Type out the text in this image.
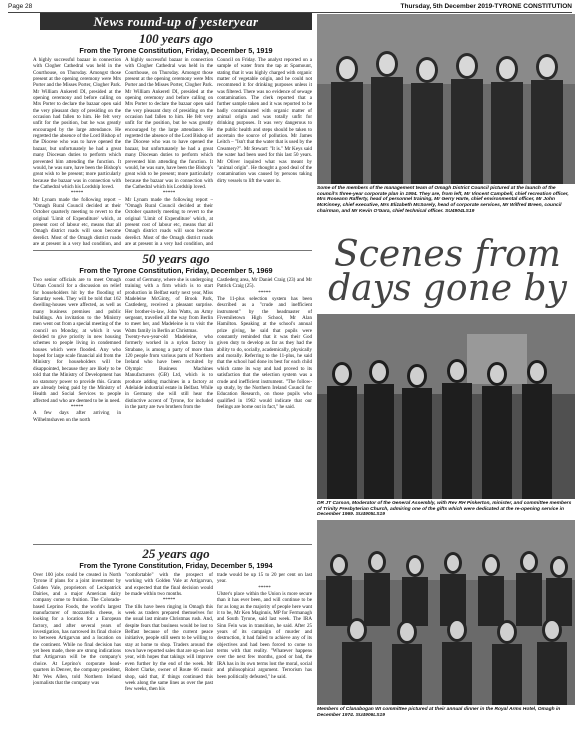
Page 28	Thursday, 5th December 2019-TYRONE CONSTITUTION
News round-up of yesteryear
100 years ago
From the Tyrone Constitution, Friday, December 5, 1919

A highly successful bazaar in connection with Clogher Cathedral was held in the Courthouse, on Thursday. Amongst those present at the opening ceremony were Mrs Porter and the Misses Porter, Clogher Park. Mr William Ankeretl DI, presided at the opening ceremony and before calling on Mrs Porter to declare the bazaar open said the very pleasant duty of presiding on the occasion had fallen to him. He felt very unfit for the position, but he was greatly encouraged by the large attendance. He regretted the absence of the Lord Bishop of the Diocese who was to have opened the bazaar, but unfortunately he had a great many Diocesan duties to perform which prevented him attending the function. It would, he was sure, have been the Bishop's great wish to be present; more particularly because the bazaar was in connection with the Cathedral which his Lordship loved.

*****

Mr Lynam made the following report – "Omagh Rural Council decided at their October quarterly meeting to revert to the original 'Limit of Expenditure' which, at present cost of labour etc, means that all Omagh district roads will soon become derelict. Most of the Omagh district roads are at present in a very bad condition, and

A highly successful bazaar in connection with Clogher Cathedral was held in the Courthouse, on Thursday. Amongst those present at the opening ceremony were Mrs Porter and the Misses Porter, Clogher Park. Mr William Ankeretl DI, presided at the opening ceremony and before calling on Mrs Porter to declare the bazaar open said the very pleasant duty of presiding on the occasion had fallen to him. He felt very unfit for the position, but he was greatly encouraged by the large attendance. He regretted the absence of the Lord Bishop of the Diocese who was to have opened the bazaar, but unfortunately he had a great many Diocesan duties to perform which prevented him attending the function. It would, he was sure, have been the Bishop's great wish to be present; more particularly because the bazaar was in connection with the Cathedral which his Lordship loved.

*****

Mr Lynam made the following report – "Omagh Rural Council decided at their October quarterly meeting to revert to the original 'Limit of Expenditure' which, at present cost of labour etc, means that all Omagh district roads will soon become derelict. Most of the Omagh district roads are at present in a very bad condition, and

Council on Friday. The analyst reported on a sample of water from the tap at Spamount, stating that it was highly charged with organic matter of vegetable origin, and he could not recommend it for drinking purposes unless it was filtered. There was no evidence of sewage contamination. The clerk reported that a further sample taken and it was reported to be badly contaminated with organic matter of animal origin and was totally unfit for drinking purposes. It was very dangerous to the public health and steps should be taken to ascertain the source of pollution. Mr James Leitch – "Isn't that the water that is used by the Creamery?". Mr Stewart: "It is." Mr Keys said the water had been used for this last 50 years. Mr Oliver inquired what was meant by "animal origin". He thought a good deal of the contamination was caused by persons taking dirty vessels to lift the water in.

50 years ago
From the Tyrone Constitution, Friday, December 5, 1969

Two senior officials are to meet Omagh Urban Council for a discussion on relief for householders hit by the flooding of Saturday week. They will be told that 162 dwelling-houses were affected, as well as many business premises and public buildings. An invitation to the Ministry men went out from a special meeting of the council on Monday, at which it was decided to give priority in new housing schemes to people living in condemned houses which were flooded. Any who hoped for large scale financial aid from the Ministry for householders will be disappointed, because they are likely to be told that the Ministry of Development has no statutory power to provide this. Grants are already being paid by the Ministry of Health and Social Services to people affected and who are deemed to be in need.

*****

A few days after arriving in Wilhelmshaven on the north

coast of Germany, where she is undergoing training with a firm which is to start production in Belfast early next year, Miss Madeleine McGinty, of Brook Park, Castlederg, received a pleasant surprise. Her brother-in-law, John Watts, an Army sergeant, travelled all the way from Berlin to meet her, and Madeleine is to visit the Watts family in Berlin at Christmas.

Twenty-two-year-old Madeleine, who formerly worked in a nylon factory in Strabane, is among a party of more than 120 people from various parts of Northern Ireland who have been recruited by Olympic Business Machines Manufacturers (GB) Ltd, which is to produce adding machines in a factory at Adelaide industrial estate in Belfast. While in Germany she will still hear the distinctive accent of Tyrone, for included in the party are two brothers from the

Castlederg area, Mr Daniel Craig (23) and Mr Patrick Craig (25).

*****

The 11-plus selection system has been described as a "crude and inefficient instrument" by the headmaster of Fivemiletown High School, Mr Alan Hamilton. Speaking at the school's annual prize giving, he said that pupils were constantly reminded that it was their God given duty to develop as far as they had the ability to do, socially, academically, physically and morally. Referring to the 11-plus, he said that the school had done its best for each child which came its way and had proved to its satisfaction that the selection system was a crude and inefficient instrument. "The follow-up study, by the Northern Ireland Council for Education Research, on those pupils who qualified in 1962 would indicate that our feelings are borne out in fact," he said.

25 years ago
From the Tyrone Constitution, Friday, December 5, 1994

Over 100 jobs could be created in North Tyrone if plans for a joint investment by Golden Vale, proprietors of Leckpatrick Dairies, and a major American dairy company come to fruition. The Colorado-based Leprino Foods, the world's largest manufacturer of mozzarella cheese, is looking for a location for a European factory, and after several years of investigation, has narrowed its final choice to between Artigarvan and a location on the continent. While no final decision has yet been made, there are strong indications that Artigarvan will be the company's choice. At Leprino's corporate head-quarters in Denver, the company president, Mr Wes Allen, told Northern Ireland journalists that the company was

"comfortable" with the prospect of working with Golden Vale at Artigarvan, and expected that the final decision would be made within two months.

*****

The tills have been ringing in Omagh this week as traders prepared themselves for the usual last minute Christmas rush. And, despite fears that business would be lost to Belfast because of the current peace initiative, people still seem to be willing to stay at home to shop. Traders around the town have reported sales that are up-on last year, with hopes that takings will improve even further by the end of the week. Mr Robert Clarke, owner of Route 66 music shop, said that, if things continued this week along the same lines as over the past few weeks, then his

trade would be up 15 to 20 per cent on last year.

*****

Ulster's place within the Union is more secure than it has ever been, and will continue to be for as long as the majority of people here want it to be, Mr Ken Maginnis, MP for Fermanagh and South Tyrone, said last week. The IRA Sinn Fein was in transition, he said. After 25 years of its campaign of murder and destruction, it had failed to achieve any of its objectives and had been forced to come to terms with that reality. "Whatever happens over the next few months, good or bad, the IRA has in its own terms lost the moral, social and philosophical argument. Terrorism has been politically defeated," he said.

Some of the members of the management team of Omagh District Council pictured at the launch of the council's three-year corporate plan in 1994. They are, from left, Mr Vincent Campbell, chief recreation officer, Mrs Roseann Rafferty, head of personnel training, Mr Gerry Harte, chief environmental officer, Mr John McKinney, chief executive, Mrs Elizabeth McSorely, head of corporate services, Mr Wilfred Breen, council chairman, and Mr Kevin O'Gara, chief technical officer. SU4904LS19
Scenes from days gone by
DR JT Carson, Moderator of the General Assembly, with Rev RH Pinkerton, minister, and committee members of Trinity Presbyterian Church, admiring one of the gifts which were dedicated at the re-opening service in December 1969. SU4905LS19
Members of Clanabogan WI committee pictured at their annual dinner in the Royal Arms Hotel, Omagh in December 1974. SU4906LS19
